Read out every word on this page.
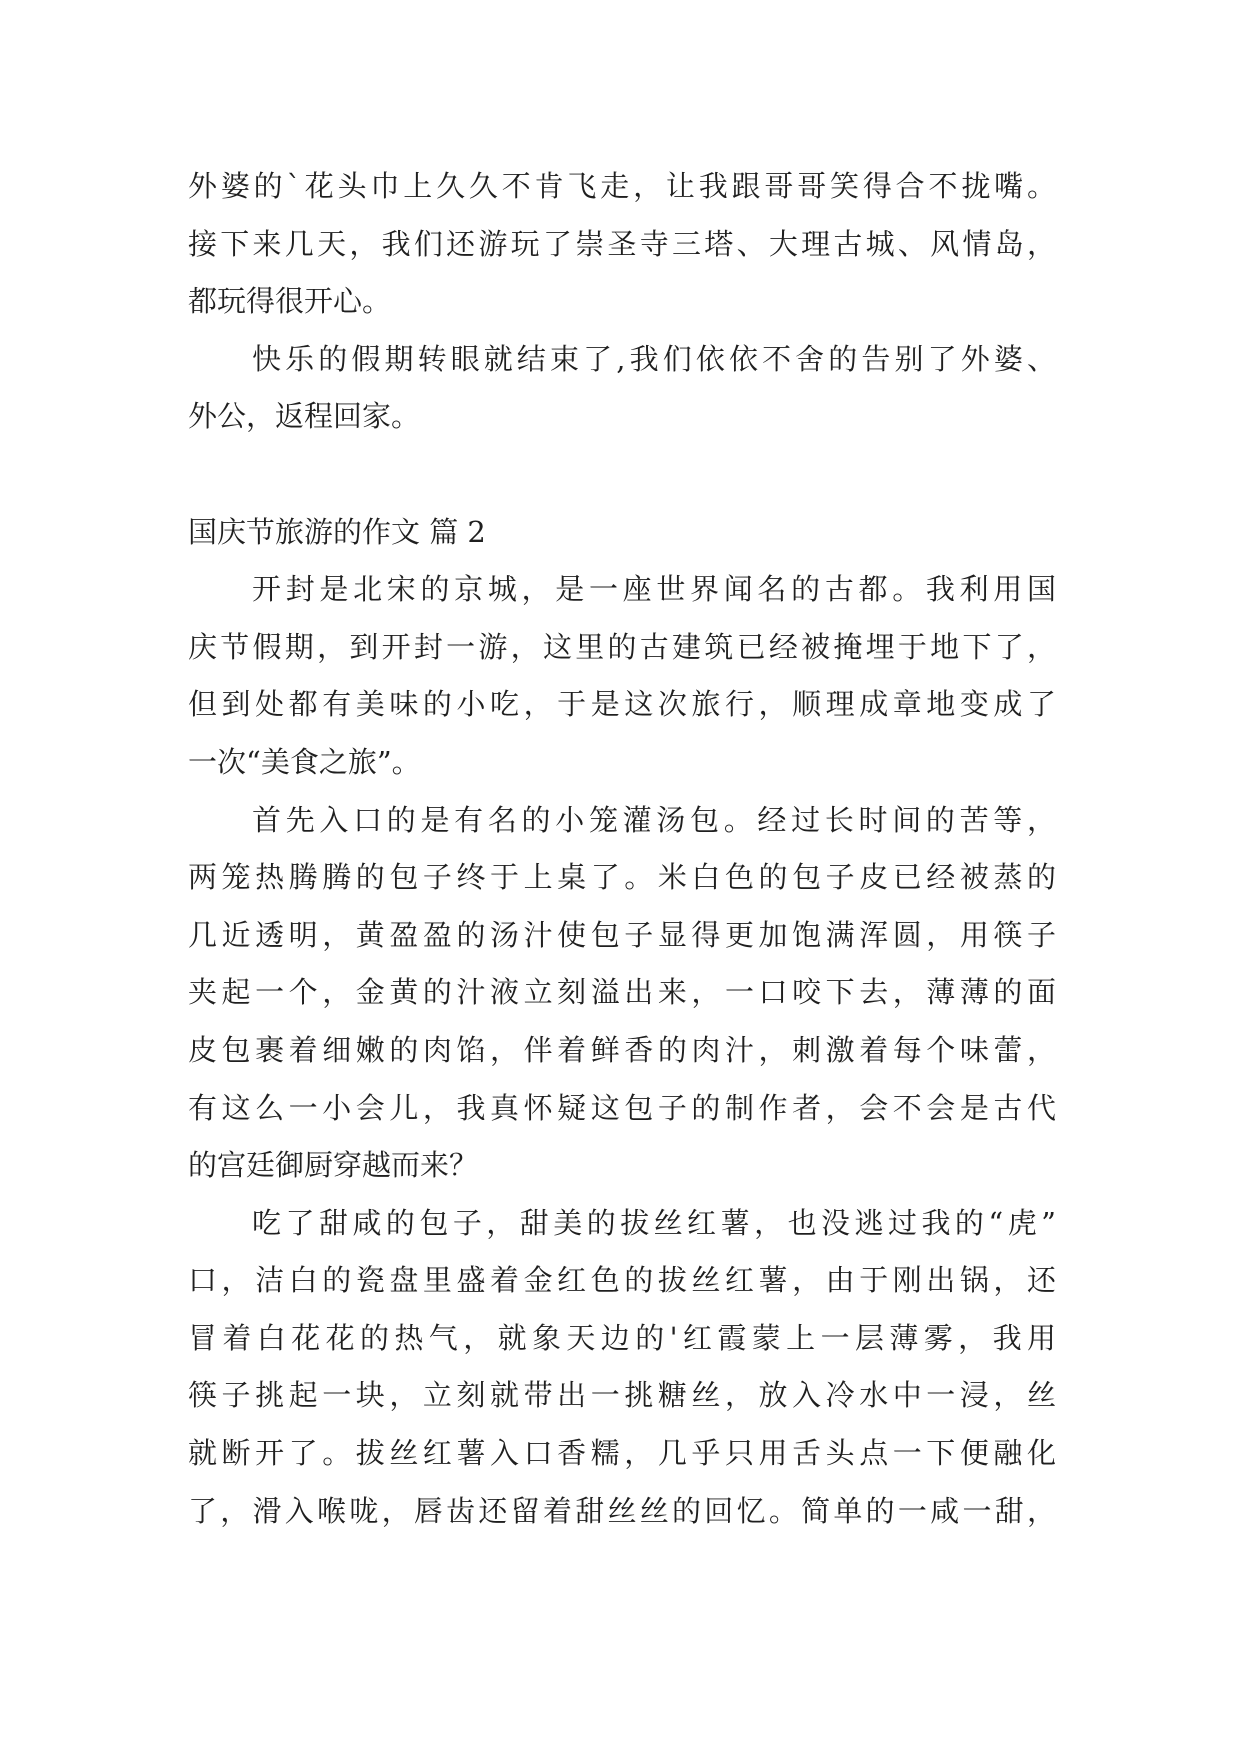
外婆的`花头巾上久久不肯飞走，让我跟哥哥笑得合不拢嘴。
接下来几天，我们还游玩了崇圣寺三塔、大理古城、风情岛，
都玩得很开心。
快乐的假期转眼就结束了,我们依依不舍的告别了外婆、
外公，返程回家。
国庆节旅游的作文 篇 2
开封是北宋的京城，是一座世界闻名的古都。我利用国
庆节假期，到开封一游，这里的古建筑已经被掩埋于地下了，
但到处都有美味的小吃，于是这次旅行，顺理成章地变成了
一次“美食之旅”。
首先入口的是有名的小笼灌汤包。经过长时间的苦等，
两笼热腾腾的包子终于上桌了。米白色的包子皮已经被蒸的
几近透明，黄盈盈的汤汁使包子显得更加饱满浑圆，用筷子
夹起一个，金黄的汁液立刻溢出来，一口咬下去，薄薄的面
皮包裹着细嫩的肉馅，伴着鲜香的肉汁，刺激着每个味蕾，
有这么一小会儿，我真怀疑这包子的制作者，会不会是古代
的宫廷御厨穿越而来？
吃了甜咸的包子，甜美的拔丝红薯，也没逃过我的“虎”
口，洁白的瓷盘里盛着金红色的拔丝红薯，由于刚出锅，还
冒着白花花的热气，就象天边的'红霞蒙上一层薄雾，我用
筷子挑起一块，立刻就带出一挑糖丝，放入冷水中一浸，丝
就断开了。拔丝红薯入口香糯，几乎只用舌头点一下便融化
了，滑入喉咙，唇齿还留着甜丝丝的回忆。简单的一咸一甜，
